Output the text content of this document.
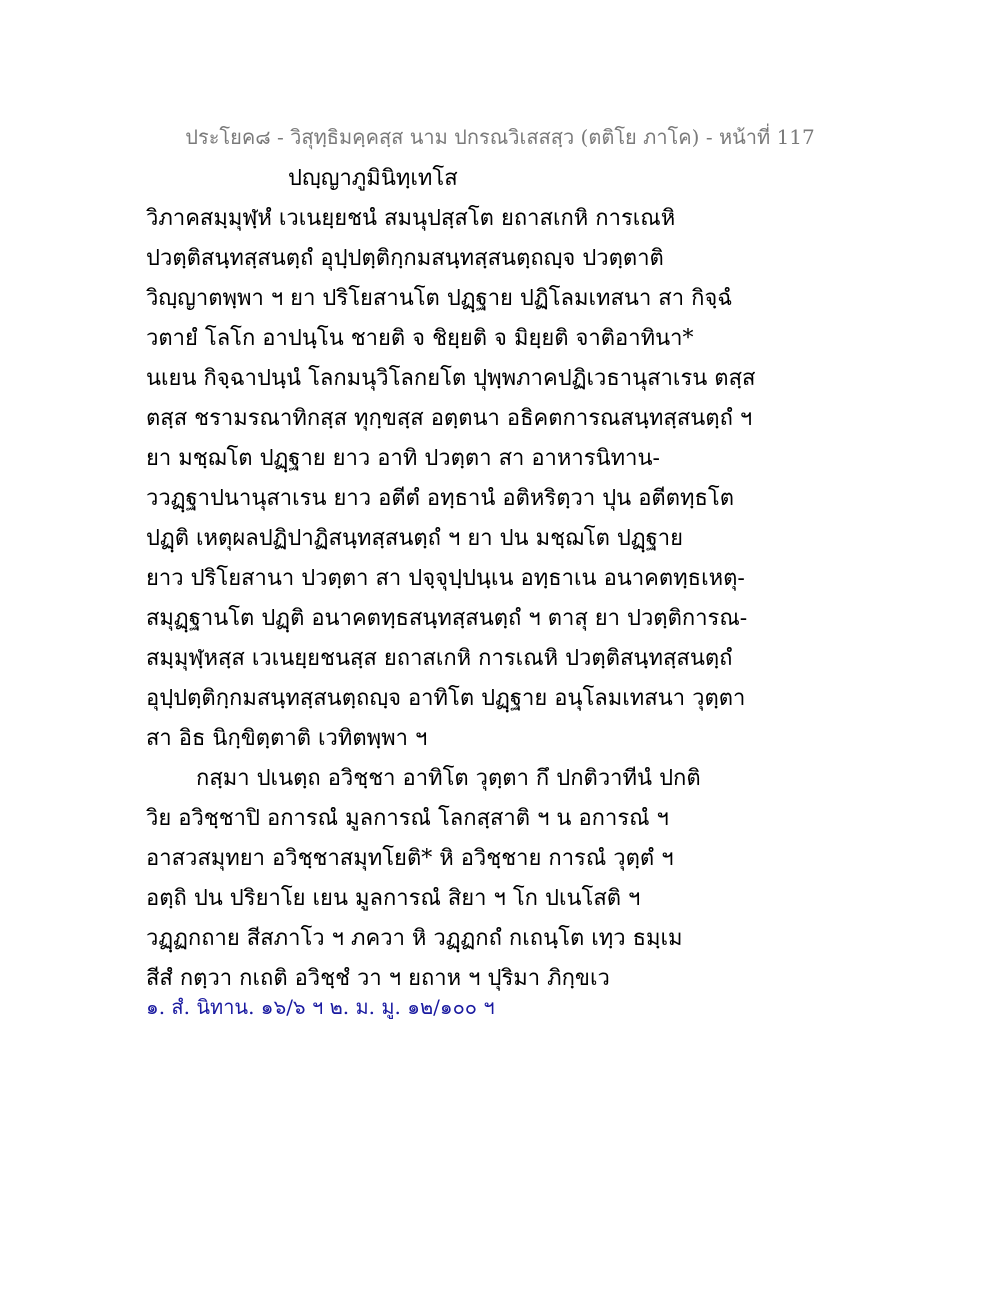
ประโยค๘ - วิสุทฺธิมคฺคสฺส นาม ปกรณวิเสสสฺว (ตติโย ภาโค) - หน้าที่ 117
ปญฺญาภูมินิทฺเทโส
วิภาคสมฺมุฬฺหํ เวเนยฺยชนํ สมนุปสฺสโต ยถาสเกหิ การเณหิ
ปวตฺติสนฺทสฺสนตฺถํ อุปฺปตฺติกฺกมสนฺทสฺสนตฺถญฺจ ปวตฺตาติ
วิญฺญาตพฺพา ฯ ยา ปริโยสานโต ปฏฺฐาย ปฏิโลมเทสนา สา กิจฺฉํ
วตายํ โลโก อาปนฺโน ชายติ จ ชิยฺยติ จ มิยฺยติ จาติอาทินา*
นเยน กิจฺฉาปนฺนํ โลกมนุวิโลกยโต ปุพฺพภาคปฏิเวธานุสาเรน ตสฺส
ตสฺส ชรามรณาทิกสฺส ทุกฺขสฺส อตฺตนา อธิคตการณสนฺทสฺสนตฺถํ ฯ
ยา มชฺฌโต ปฏฺฐาย ยาว อาทิ ปวตฺตา สา อาหารนิทาน-
ววฏฺฐาปนานุสาเรน ยาว อตีตํ อทฺธานํ อติหริตฺวา ปุน อตีตทฺธโต
ปฏฺติ เหตุผลปฏิปาฏิสนฺทสฺสนตฺถํ ฯ ยา ปน มชฺฌโต ปฏฺฐาย
ยาว ปริโยสานา ปวตฺตา สา ปจฺจุปฺปนฺเน อทฺธาเน อนาคตทฺธเหตุ-
สมุฏฺฐานโต ปฏฺติ อนาคตทฺธสนฺทสฺสนตฺถํ ฯ ตาสุ ยา ปวตฺติการณ-
สมฺมุฬฺหสฺส เวเนยฺยชนสฺส ยถาสเกหิ การเณหิ ปวตฺติสนฺทสฺสนตฺถํ
อุปฺปตฺติกฺกมสนฺทสฺสนตฺถญฺจ อาทิโต ปฏฺฐาย อนุโลมเทสนา วุตฺตา
สา อิธ นิกฺขิตฺตาติ เวทิตพฺพา ฯ
กสฺมา ปเนตฺถ อวิชฺชา อาทิโต วุตฺตา กึ ปกติวาทีนํ ปกติ
วิย อวิชฺชาปิ อการณํ มูลการณํ โลกสฺสาติ ฯ น อการณํ ฯ
อาสวสมุทยา อวิชฺชาสมุทโยติ* หิ อวิชฺชาย การณํ วุตฺตํ ฯ
อตฺถิ ปน ปริยาโย เยน มูลการณํ สิยา ฯ โก ปเนโสติ ฯ
วฏฺฏกถาย สีสภาโว ฯ ภควา หิ วฏฺฏกถํ กเถนฺโต เทฺว ธมฺเม
สีสํ กตฺวา กเถติ อวิชฺชํ วา ฯ ยถาห ฯ ปุริมา ภิกฺขเว
๑. สํ. นิทาน. ๑๖/๖ ฯ ๒. ม. มู. ๑๒/๑๐๐ ฯ
